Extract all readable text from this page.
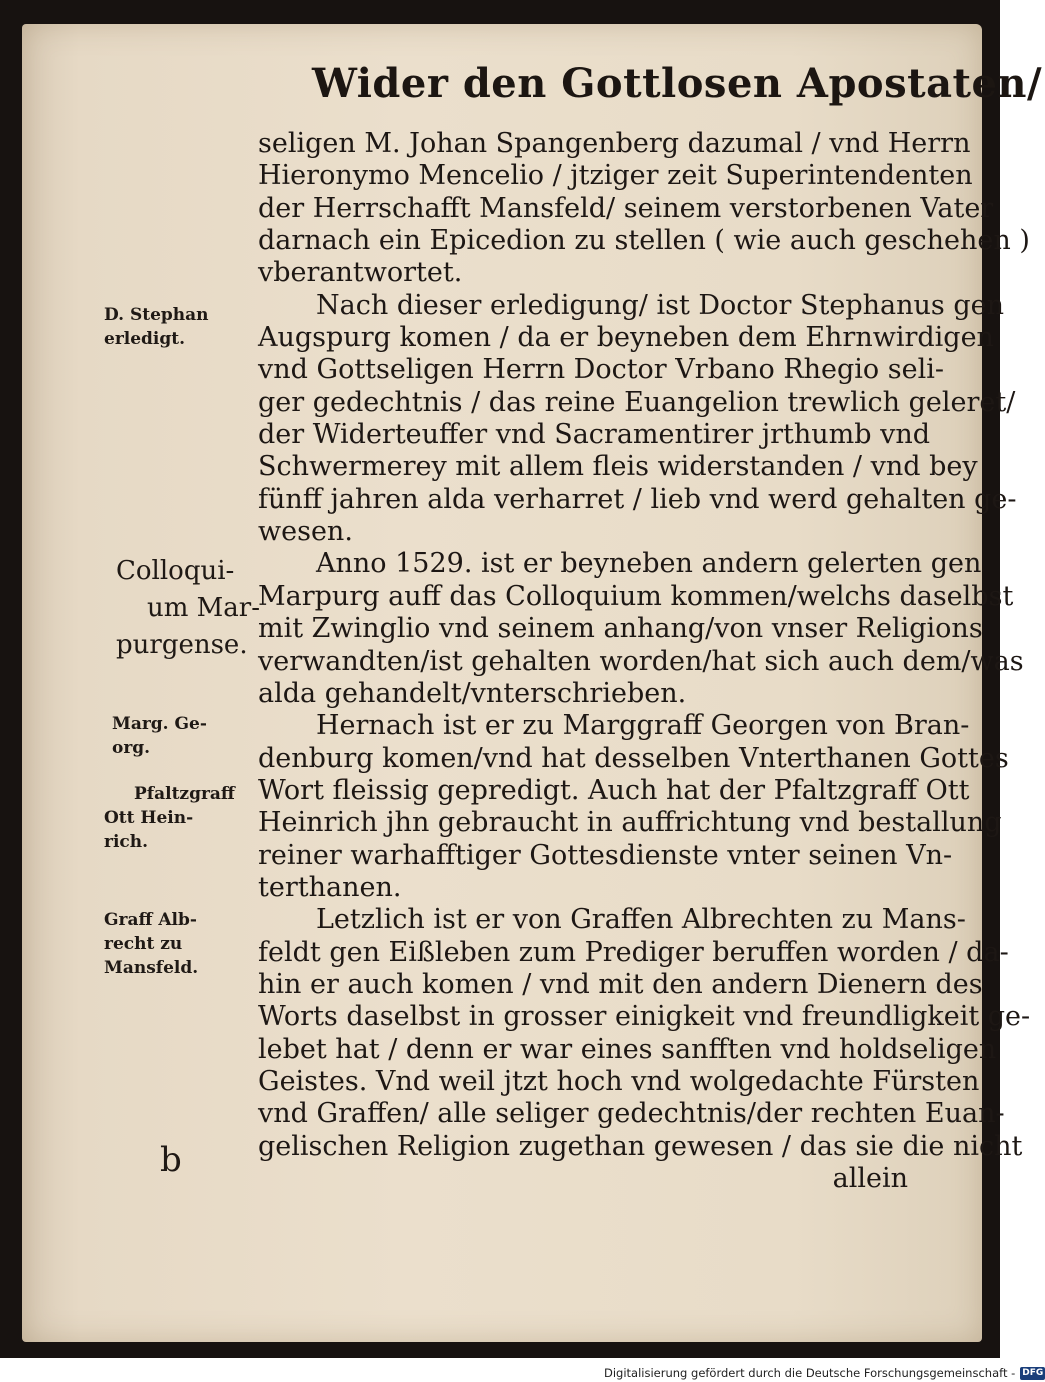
Wider den Gottlosen Apostaten/
seligen M. Johan Spangenberg dazumal / vnd Herrn
Hieronymo Mencelio / jtziger zeit Superintendenten
der Herrschafft Mansfeld/ seinem verstorbenen Vater
darnach ein Epicedion zu stellen ( wie auch geschehen )
vberantwortet.
Nach dieser erledigung/ ist Doctor Stephanus gen
Augspurg komen / da er beyneben dem Ehrnwirdigen
vnd Gottseligen Herrn Doctor Vrbano Rhegio seli-
ger gedechtnis / das reine Euangelion trewlich geleret/
der Widerteuffer vnd Sacramentirer jrthumb vnd
Schwermerey mit allem fleis widerstanden / vnd bey
fünff jahren alda verharret / lieb vnd werd gehalten ge-
wesen.
Anno 1529. ist er beyneben andern gelerten gen
Marpurg auff das Colloquium kommen/welchs daselbst
mit Zwinglio vnd seinem anhang/von vnser Religions
verwandten/ist gehalten worden/hat sich auch dem/was
alda gehandelt/vnterschrieben.
Hernach ist er zu Marggraff Georgen von Bran-
denburg komen/vnd hat desselben Vnterthanen Gottes
Wort fleissig gepredigt. Auch hat der Pfaltzgraff Ott
Heinrich jhn gebraucht in auffrichtung vnd bestallung
reiner warhafftiger Gottesdienste vnter seinen Vn-
terthanen.
Letzlich ist er von Graffen Albrechten zu Mans-
feldt gen Eißleben zum Prediger beruffen worden / da-
hin er auch komen / vnd mit den andern Dienern des
Worts daselbst in grosser einigkeit vnd freundligkeit ge-
lebet hat / denn er war eines sanfften vnd holdseligen
Geistes. Vnd weil jtzt hoch vnd wolgedachte Fürsten
vnd Graffen/ alle seliger gedechtnis/der rechten Euan-
gelischen Religion zugethan gewesen / das sie die nicht
allein
D. Stephan
erledigt.
Colloqui-
um Mar-
purgense.
Marg. Ge-
org.
Pfaltzgraff
Ott Hein-
rich.
Graff Alb-
recht zu
Mansfeld.
b
Digitalisierung gefördert durch die Deutsche Forschungsgemeinschaft - DFG
